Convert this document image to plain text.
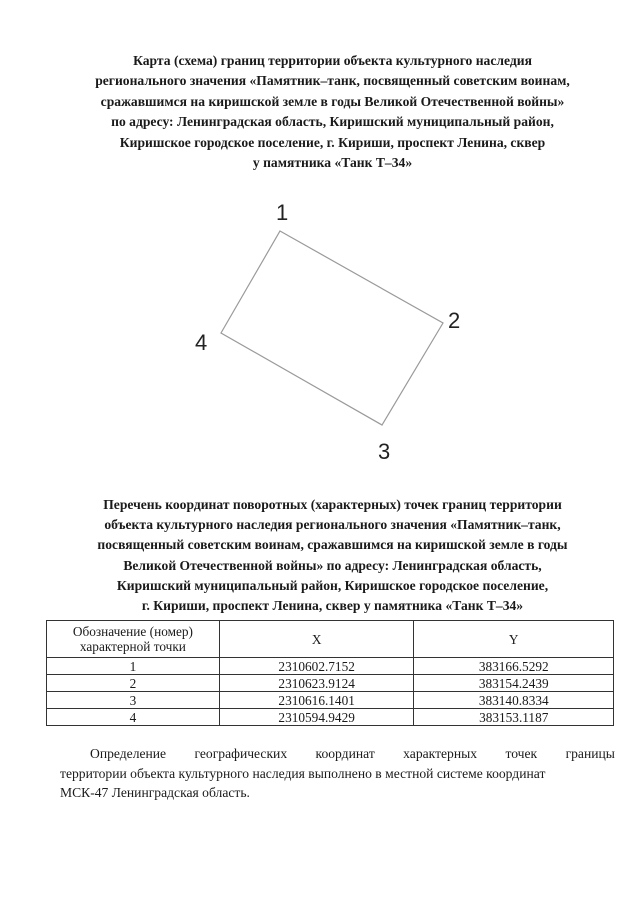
Карта (схема) границ территории объекта культурного наследия
регионального значения «Памятник–танк, посвященный советским воинам,
сражавшимся на киришской земле в годы Великой Отечественной войны»
по адресу: Ленинградская область, Киришский муниципальный район,
Киришское городское поселение, г. Кириши, проспект Ленина, сквер
у памятника «Танк Т–34»
1
2
3
4
Перечень координат поворотных (характерных) точек границ территории
объекта культурного наследия регионального значения «Памятник–танк,
посвященный советским воинам, сражавшимся на киришской земле в годы
Великой Отечественной войны» по адресу: Ленинградская область,
Киришский муниципальный район, Киришское городское поселение,
г. Кириши, проспект Ленина, сквер у памятника «Танк Т–34»
Обозначение (номер)
характерной точки	X	Y
1	2310602.7152	383166.5292
2	2310623.9124	383154.2439
3	2310616.1401	383140.8334
4	2310594.9429	383153.1187
Определение географических координат характерных точек границы
территории объекта культурного наследия выполнено в местной системе координат
МСК-47 Ленинградская область.
